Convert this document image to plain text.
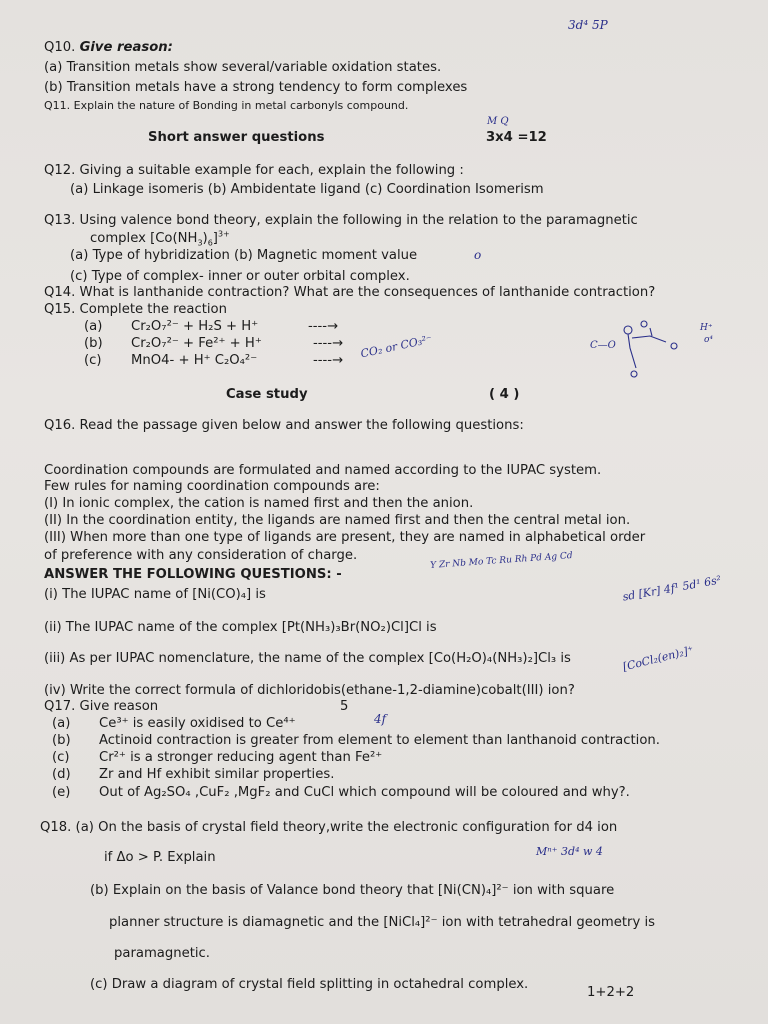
3d⁴ 5P
Q10. Give reason:
(a) Transition metals show several/variable oxidation states.
(b) Transition metals have a strong tendency to form complexes
Q11. Explain the nature of Bonding in metal carbonyls compound.
Short answer questions
M Q
3x4 =12
Q12. Giving a suitable example for each, explain the following :
(a) Linkage isomeris (b) Ambidentate ligand (c) Coordination Isomerism
Q13. Using valence bond theory, explain the following in the relation to the paramagnetic
complex $[Co(NH_3)_6]^{3+}$
(a) Type of hybridization (b) Magnetic moment value	o
(c) Type of complex- inner or outer orbital complex.
Q14. What is lanthanide contraction? What are the consequences of lanthanide contraction?
Q15. Complete the reaction
(a) Cr₂O₇²⁻ + H₂S + H⁺	----→
(b) Cr₂O₇²⁻ + Fe²⁺ + H⁺	----→
(c) MnO4- + H⁺ C₂O₄²⁻	----→
CO₂ or CO₃²⁻	C—O
H⁺
o⁴
Case study	( 4 )
Q16. Read the passage given below and answer the following questions:
Coordination compounds are formulated and named according to the IUPAC system.
Few rules for naming coordination compounds are:
(I) In ionic complex, the cation is named first and then the anion.
(II) In the coordination entity, the ligands are named first and then the central metal ion.
(III) When more than one type of ligands are present, they are named in alphabetical order
of preference with any consideration of charge.
ANSWER THE FOLLOWING QUESTIONS: -
Y Zr Nb Mo Tc Ru Rh Pd Ag Cd
(i) The IUPAC name of [Ni(CO)₄] is
(ii) The IUPAC name of the complex [Pt(NH₃)₃Br(NO₂)Cl]Cl is
(iii) As per IUPAC nomenclature, the name of the complex [Co(H₂O)₄(NH₃)₂]Cl₃ is
(iv) Write the correct formula of dichloridobis(ethane-1,2-diamine)cobalt(III) ion?
sd [Kr] 4f¹ 5d¹ 6s²
[CoCl₂(en)₂]⁺
Q17. Give reason	5
(a) Ce³⁺ is easily oxidised to Ce⁴⁺	4f
(b) Actinoid contraction is greater from element to element than lanthanoid contraction.
(c) Cr²⁺ is a stronger reducing agent than Fe²⁺
(d) Zr and Hf exhibit similar properties.
(e) Out of Ag₂SO₄ ,CuF₂ ,MgF₂ and CuCl which compound will be coloured and why?.
Q18. (a) On the basis of crystal field theory,write the electronic configuration for d4 ion
if Δo > P. Explain	Mⁿ⁺ 3d⁴ w 4
(b) Explain on the basis of Valance bond theory that [Ni(CN)₄]²⁻ ion with square
planner structure is diamagnetic and the [NiCl₄]²⁻ ion with tetrahedral geometry is
paramagnetic.
(c) Draw a diagram of crystal field splitting in octahedral complex.
1+2+2
